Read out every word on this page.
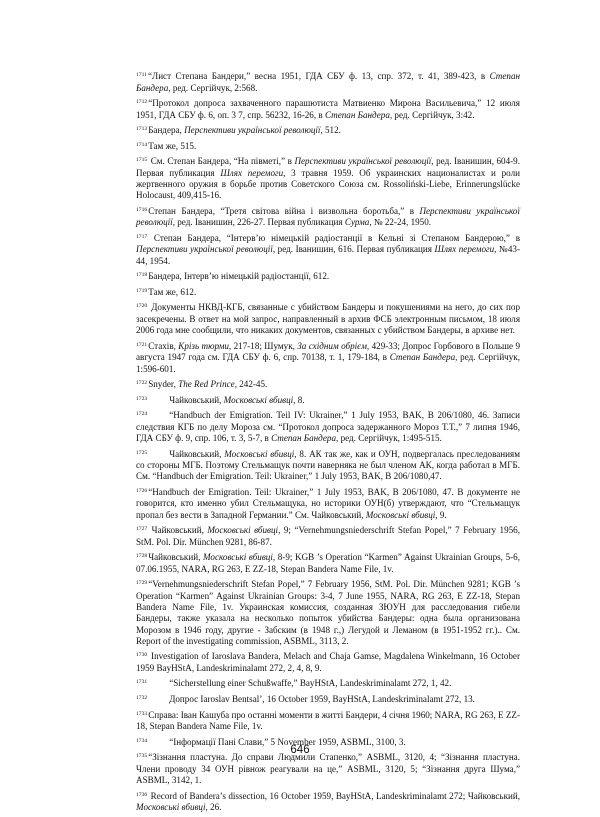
$^{1711}$“Лист Степана Бандери,” весна 1951, ГДА СБУ ф. 13, спр. 372, т. 41, 389-423, в Степан Бандера, ред. Сергійчук, 2:568.

$^{1712}$“Протокол допроса захваченного парашютиста Матвиенко Мирона Васильевича,” 12 июля 1951, ГДА СБУ ф. 6, оп. 3 7, спр. 56232, 16-26, в Степан Бандера, ред. Сергійчук, 3:42.

$^{1713}$Бандера, Перспективи української революції, 512.

$^{1714}$Там же, 515.

$^{1715}$ См. Степан Бандера, “На півметі,” в Перспективи української революції, ред. Іванишин, 604-9. Первая публикация Шлях перемоги, 3 травня 1959. Об украинских националистах и роли жертвенного оружия в борьбе против Советского Союза см. Rossoliński-Liebe, Erinnerungslücke Holocaust, 409,415-16.

$^{1716}$Степан Бандера, “Третя світова війна і визвольна боротьба,” в Перспективи української революції, ред. Іванишин, 226-27. Первая публикация Сурма, № 22-24, 1950.

$^{1717}$ Степан Бандера, “Інтерв’ю німецькій радіостанції в Кельні зі Степаном Бандерою,” в Перспективи української революції, ред. Іванишин, 616. Первая публикация Шлях перемоги, №43-44, 1954.

$^{1718}$Бандера, Інтерв’ю німецькій радіостанції, 612.

$^{1719}$Там же, 612.

$^{1720}$ Документы НКВД-КГБ, связанные с убийством Бандеры и покушениями на него, до сих пор засекречены. В ответ на мой запрос, направленный в архив ФСБ электронным письмом, 18 июля 2006 года мне сообщили, что никаких документов, связанных с убийством Бандеры, в архиве нет.

$^{1721}$Стахів, Крізь тюрми, 217-18; Шумук, За східним обрієм, 429-33; Допрос Горбового в Польше 9 августа 1947 года см. ГДА СБУ ф. 6, спр. 70138, т. 1, 179-184, в Степан Бандера, ред. Сергійчук, 1:596-601.

$^{1722}$Snyder, The Red Prince, 242-45.

$^{1723}$ Чайковський, Московські вбивці, 8.

$^{1724}$ “Handbuch der Emigration. Teil IV: Ukrainer,” 1 July 1953, BAK, B 206/1080, 46. Записи следствия КГБ по делу Мороза см. “Протокол допроса задержанного Мороз Т.Т.,” 7 липня 1946, ГДА СБУ ф. 9, спр. 106, т. 3, 5-7, в Степан Бандера, ред. Сергійчук, 1:495-515.

$^{1725}$ Чайковський, Московські вбивці, 8. АК так же, как и ОУН, подвергалась преследованиям со стороны МГБ. Поэтому Стельмащук почти наверняка не был членом АК, когда работал в МГБ. См. “Handbuch der Emigration. Teil: Ukrainer,” 1 July 1953, BAK, B 206/1080,47.

$^{1726}$“Handbuch der Emigration. Teil: Ukrainer,” 1 July 1953, BAK, B 206/1080, 47. В документе не говорится, кто именно убил Стельмащука, но историки ОУН(б) утверждают, что “Стельмащук пропал без вести в Западной Германии.” См. Чайковський, Московські вбивці, 9.

$^{1727}$ Чайковський, Московські вбивці, 9; “Vernehmungsniederschrift Stefan Popel,” 7 February 1956, StM. Pol. Dir. München 9281, 86-87.

$^{1728}$Чайковський, Московські вбивці, 8-9; KGB ’s Operation “Karmen” Against Ukrainian Groups, 5-6, 07.06.1955, NARA, RG 263, E ZZ-18, Stepan Bandera Name File, 1v.

$^{1729}$“Vernehmungsniederschrift Stefan Popel,” 7 February 1956, StM. Pol. Dir. München 9281; KGB ’s Operation “Karmen” Against Ukrainian Groups: 3-4, 7 June 1955, NARA, RG 263, E ZZ-18, Stepan Bandera Name File, 1v. Украинская комиссия, созданная ЗЮУН для расследования гибели Бандеры, также указала на несколько попыток убийства Бандеры: одна была организована Морозом в 1946 году, другие - Забским (в 1948 г.,) Легудой и Леманом (в 1951-1952 гг.).. См. Report of the investigating commission, ASBML, 3113, 2.

$^{1730}$ Investigation of Iaroslava Bandera, Melach and Chaja Gamse, Magdalena Winkelmann, 16 October 1959 BayHStA, Landeskriminalamt 272, 2, 4, 8, 9.

$^{1731}$ “Sicherstellung einer Schußwaffe,” BayHStA, Landeskriminalamt 272, 1, 42.

$^{1732}$ Допрос Iaroslav Bentsal’, 16 October 1959, BayHStA, Landeskriminalamt 272, 13.

$^{1733}$Справа: Іван Кашуба про останні моменти в житті Бандери, 4 січня 1960; NARA, RG 263, E ZZ-18, Stepan Bandera Name File, 1v.

$^{1734}$ “Інформації Пані Слави,” 5 November 1959, ASBML, 3100, 3.

$^{1735}$“Зізнання пластуна. До справи Людмили Стапенко,” ASBML, 3120, 4; “Зізнання пластуна. Члени проводу 34 ОУН рівнож реагували на це,” ASBML, 3120, 5; “Зізнання друга Шума,” ASBML, 3142, 1.

$^{1736}$ Record of Bandera’s dissection, 16 October 1959, BayHStA, Landeskriminalamt 272; Чайковський, Московські вбивці, 26.

646
